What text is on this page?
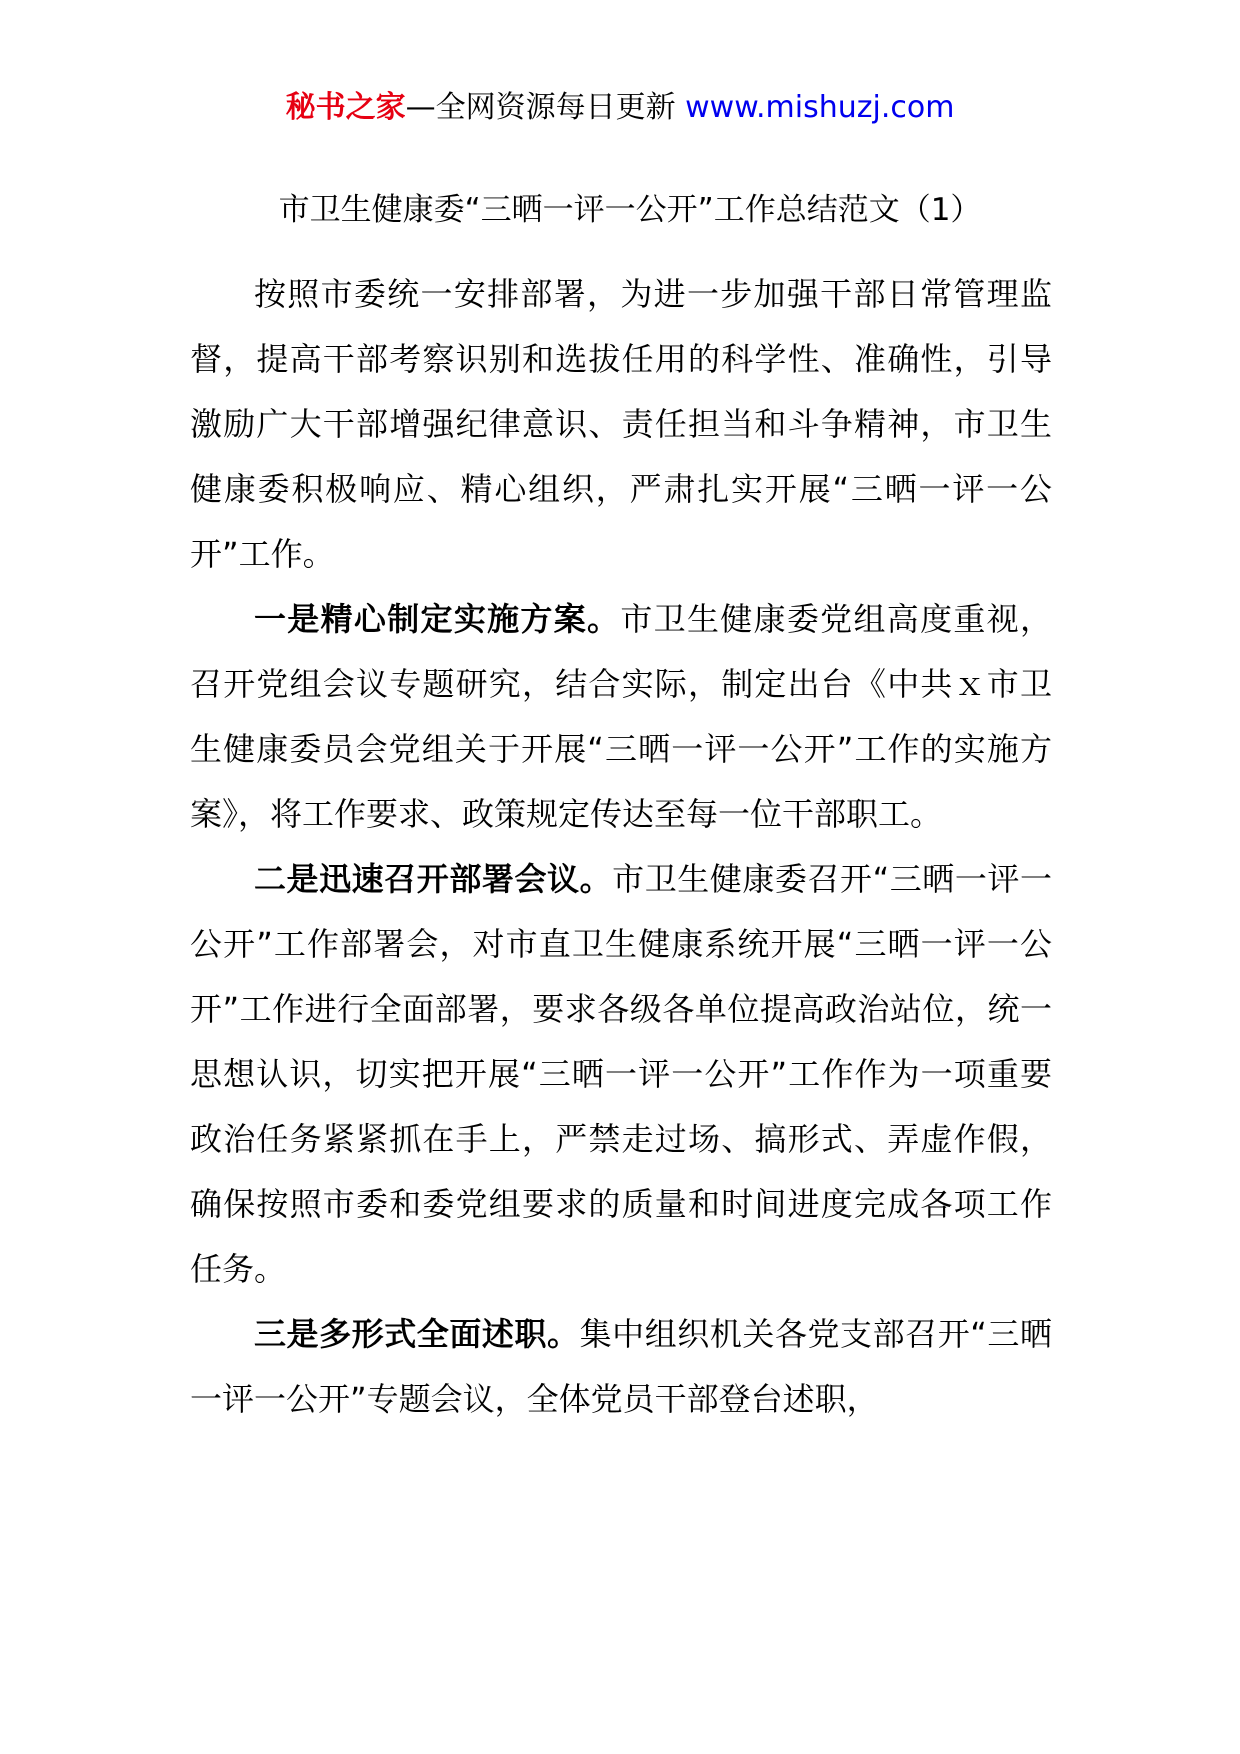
秘书之家—全网资源每日更新 www.mishuzj.com
市卫生健康委“三晒一评一公开”工作总结范文（1）

按照市委统一安排部署，为进一步加强干部日常管理监督，提高干部考察识别和选拔任用的科学性、准确性，引导激励广大干部增强纪律意识、责任担当和斗争精神，市卫生健康委积极响应、精心组织，严肃扎实开展“三晒一评一公开”工作。

一是精心制定实施方案。市卫生健康委党组高度重视，召开党组会议专题研究，结合实际，制定出台《中共ｘ市卫生健康委员会党组关于开展“三晒一评一公开”工作的实施方案》，将工作要求、政策规定传达至每一位干部职工。

二是迅速召开部署会议。市卫生健康委召开“三晒一评一公开”工作部署会，对市直卫生健康系统开展“三晒一评一公开”工作进行全面部署，要求各级各单位提高政治站位，统一思想认识，切实把开展“三晒一评一公开”工作作为一项重要政治任务紧紧抓在手上，严禁走过场、搞形式、弄虚作假，确保按照市委和委党组要求的质量和时间进度完成各项工作任务。

三是多形式全面述职。集中组织机关各党支部召开“三晒一评一公开”专题会议，全体党员干部登台述职，
